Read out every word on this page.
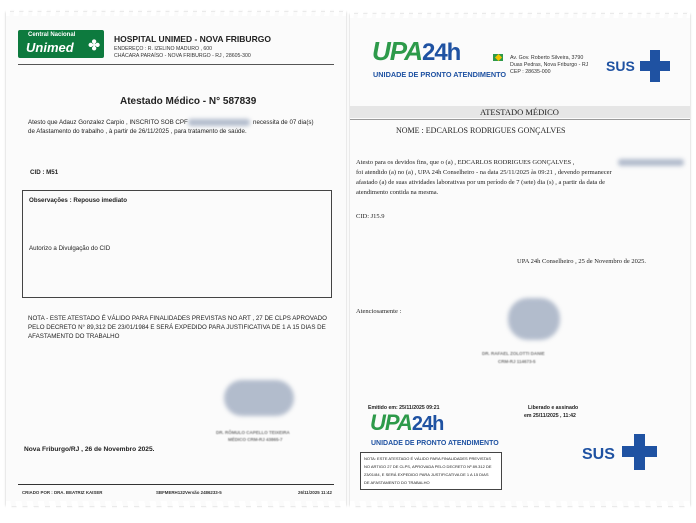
Central Nacional
Unimed ✤ HOSPITAL UNIMED - NOVA FRIBURGO
ENDEREÇO : R. IZELINO MADURO , 600
CHÁCARA PARAÍSO - NOVA FRIBURGO - RJ , 28605-300
Atestado Médico - N° 587839
Atesto que Adauz Gonzalez Carpio , INSCRITO SOB CPF	necessita de 07 dia(s)
de Afastamento do trabalho , à partir de 26/11/2025 , para tratamento de saúde.
CID : M51
Observações : Repouso imediato
Autorizo a Divulgação do CID
NOTA - ESTE ATESTADO É VÁLIDO PARA FINALIDADES PREVISTAS NO ART , 27 DE CLPS APROVADO
PELO DECRETO N° 89,312 DE 23/01/1984 E SERÁ EXPEDIDO PARA JUSTIFICATIVA DE 1 A 15 DIAS DE
AFASTAMENTO DO TRABALHO
DR. RÔMULO CAPELLO TEIXEIRA
MÉDICO CRM-RJ 43865-7
Nova Friburgo/RJ , 26 de Novembro 2025.
CRIADO POR : DRA. BEATRIZ KAISER	SBFMERH132Versão 2486233-5	26/11/2025 11:42
UPA24h
UNIDADE DE PRONTO ATENDIMENTO
Av. Gov. Roberto Silveira, 3790
Duas Pedras, Nova Friburgo - RJ
CEP : 28635-000	SUS
ATESTADO MÉDICO
NOME : EDCARLOS RODRIGUES GONÇALVES
Atesto para os devidos fins, que o (a) , EDCARLOS RODRIGUES GONÇALVES ,
foi atendido (a) no (a) , UPA 24h Conselheiro - na data 25/11/2025 às 09:21 , devendo permanecer
afastado (a) de suas atividades laborativas por um período de 7 (sete) dia (s) , a partir da data de
atendimento contida na mesma.
CID: J15.9
UPA 24h Conselheiro , 25 de Novembro de 2025.
Atenciosamente :
DR. RAFAEL ZOLOTTI DANIE
CRM-RJ 114673-5
Emitido em: 25/11/2025 09:21	Liberado e assinado
em 25/11/2025 , 11:42
UPA24h
UNIDADE DE PRONTO ATENDIMENTO
SUS
NOTA: ESTE ATESTADO É VÁLIDO PARA FINALIDADES PREVISTAS
NO ARTIGO 27 DE CLPS, APROVADA PELO DECRETO Nº 89.312 DE
23/01/84, E SERÁ EXPEDIDO PARA JUSTIFICATIVA DE 1 A 15 DIAS
DE AFASTAMENTO DO TRABALHO
